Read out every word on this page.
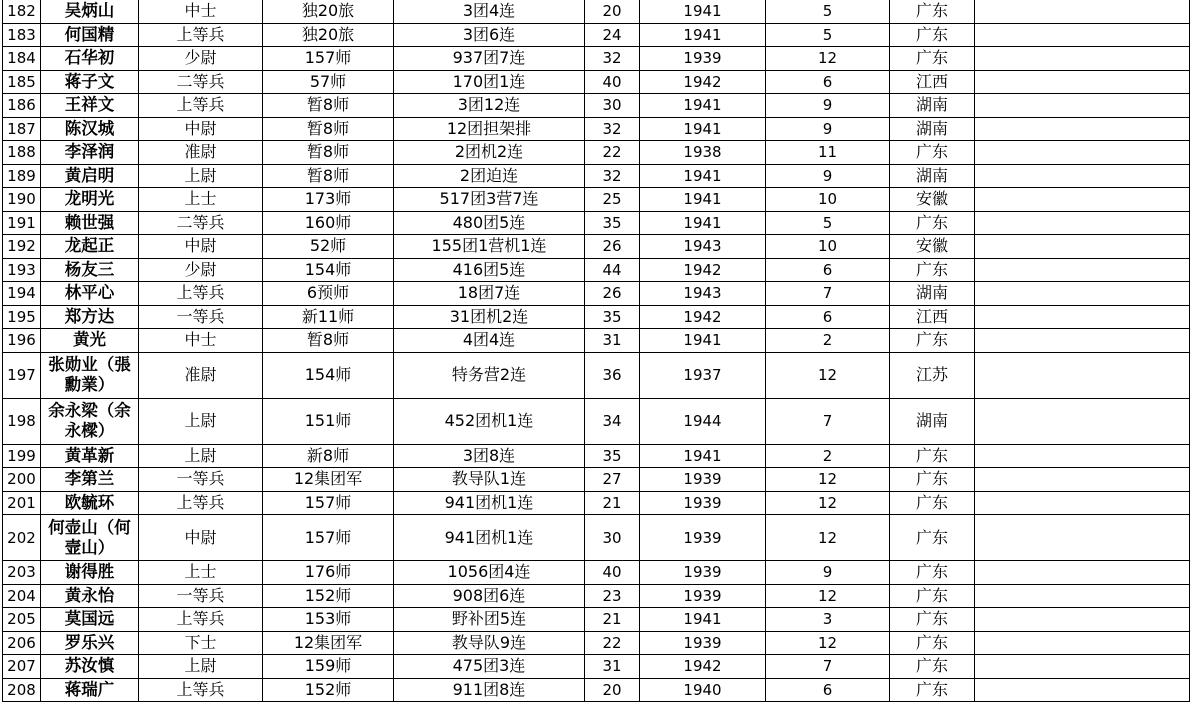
182	吴炳山	中士	独20旅	3团4连	20	1941	5	广东	
183	何国精	上等兵	独20旅	3团6连	24	1941	5	广东	
184	石华初	少尉	157师	937团7连	32	1939	12	广东	
185	蒋子文	二等兵	57师	170团1连	40	1942	6	江西	
186	王祥文	上等兵	暂8师	3团12连	30	1941	9	湖南	
187	陈汉城	中尉	暂8师	12团担架排	32	1941	9	湖南	
188	李泽润	准尉	暂8师	2团机2连	22	1938	11	广东	
189	黄启明	上尉	暂8师	2团迫连	32	1941	9	湖南	
190	龙明光	上士	173师	517团3营7连	25	1941	10	安徽	
191	赖世强	二等兵	160师	480团5连	35	1941	5	广东	
192	龙起正	中尉	52师	155团1营机1连	26	1943	10	安徽	
193	杨友三	少尉	154师	416团5连	44	1942	6	广东	
194	林平心	上等兵	6预师	18团7连	26	1943	7	湖南	
195	郑方达	一等兵	新11师	31团机2连	35	1942	6	江西	
196	黄光	中士	暂8师	4团4连	31	1941	2	广东	
197	张勋业（張勳業）	准尉	154师	特务营2连	36	1937	12	江苏	
198	余永梁（余永樑）	上尉	151师	452团机1连	34	1944	7	湖南	
199	黄革新	上尉	新8师	3团8连	35	1941	2	广东	
200	李第兰	一等兵	12集团军	教导队1连	27	1939	12	广东	
201	欧毓环	上等兵	157师	941团机1连	21	1939	12	广东	
202	何壶山（何壸山）	中尉	157师	941团机1连	30	1939	12	广东	
203	谢得胜	上士	176师	1056团4连	40	1939	9	广东	
204	黄永怡	一等兵	152师	908团6连	23	1939	12	广东	
205	莫国远	上等兵	153师	野补团5连	21	1941	3	广东	
206	罗乐兴	下士	12集团军	教导队9连	22	1939	12	广东	
207	苏汝慎	上尉	159师	475团3连	31	1942	7	广东	
208	蒋瑞广	上等兵	152师	911团8连	20	1940	6	广东	
